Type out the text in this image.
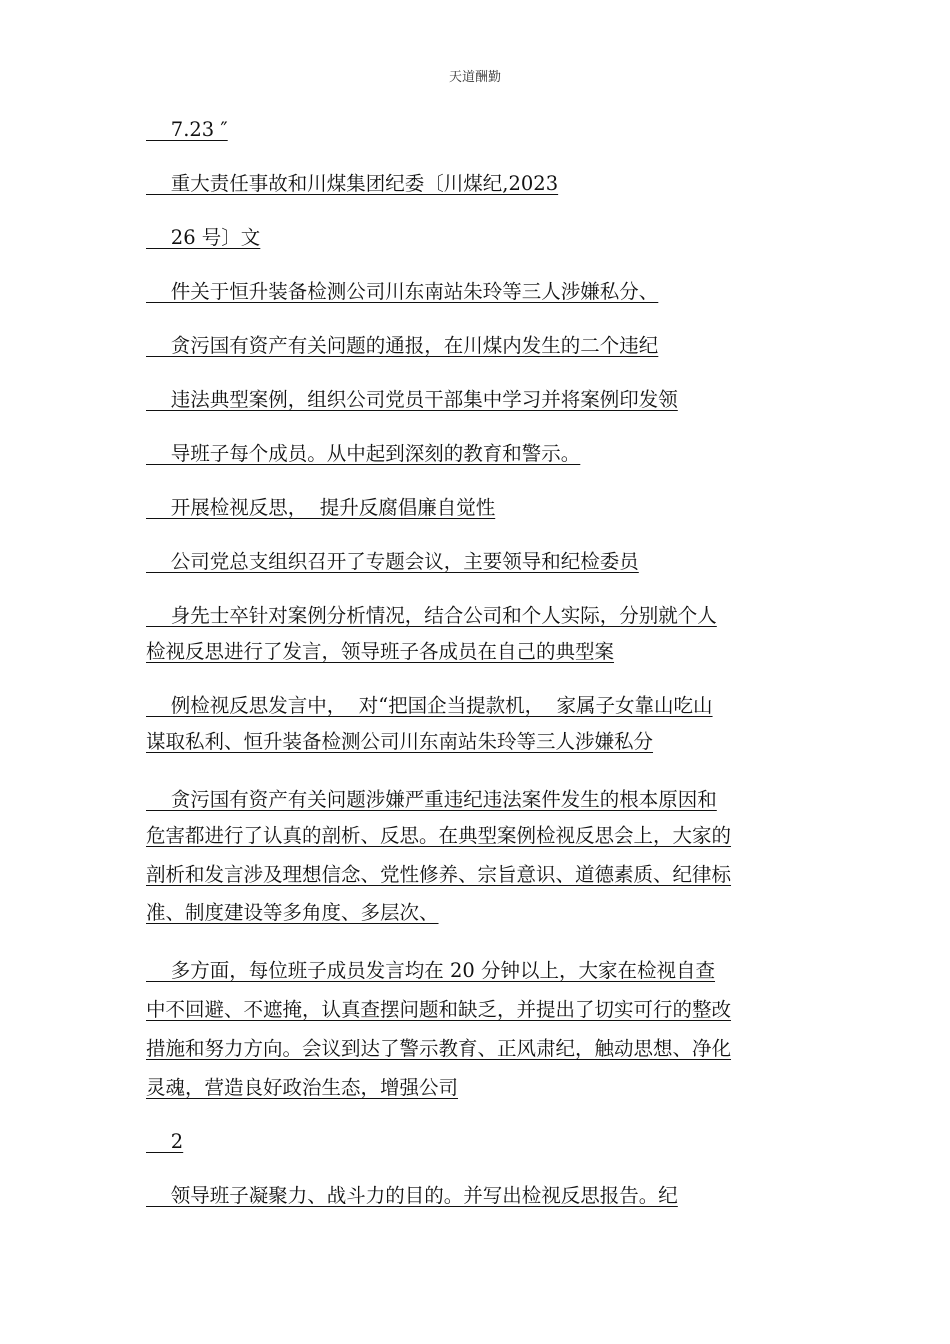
天道酬勤

7.23 ″

重大责任事故和川煤集团纪委〔川煤纪,2023

26 号〕文

件关于恒升装备检测公司川东南站朱玲等三人涉嫌私分、

贪污国有资产有关问题的通报，在川煤内发生的二个违纪

违法典型案例，组织公司党员干部集中学习并将案例印发领

导班子每个成员。从中起到深刻的教育和警示。

开展检视反思，  提升反腐倡廉自觉性

公司党总支组织召开了专题会议，主要领导和纪检委员

身先士卒针对案例分析情况，结合公司和个人实际，分别就个人

检视反思进行了发言，领导班子各成员在自己的典型案

例检视反思发言中，  对“把国企当提款机，  家属子女靠山吃山

谋取私利、恒升装备检测公司川东南站朱玲等三人涉嫌私分

贪污国有资产有关问题涉嫌严重违纪违法案件发生的根本原因和

危害都进行了认真的剖析、反思。在典型案例检视反思会上，大家的

剖析和发言涉及理想信念、党性修养、宗旨意识、道德素质、纪律标

准、制度建设等多角度、多层次、

多方面，每位班子成员发言均在 20 分钟以上，大家在检视自查

中不回避、不遮掩，认真查摆问题和缺乏，并提出了切实可行的整改

措施和努力方向。会议到达了警示教育、正风肃纪，触动思想、净化

灵魂，营造良好政治生态，增强公司

2

领导班子凝聚力、战斗力的目的。并写出检视反思报告。纪
